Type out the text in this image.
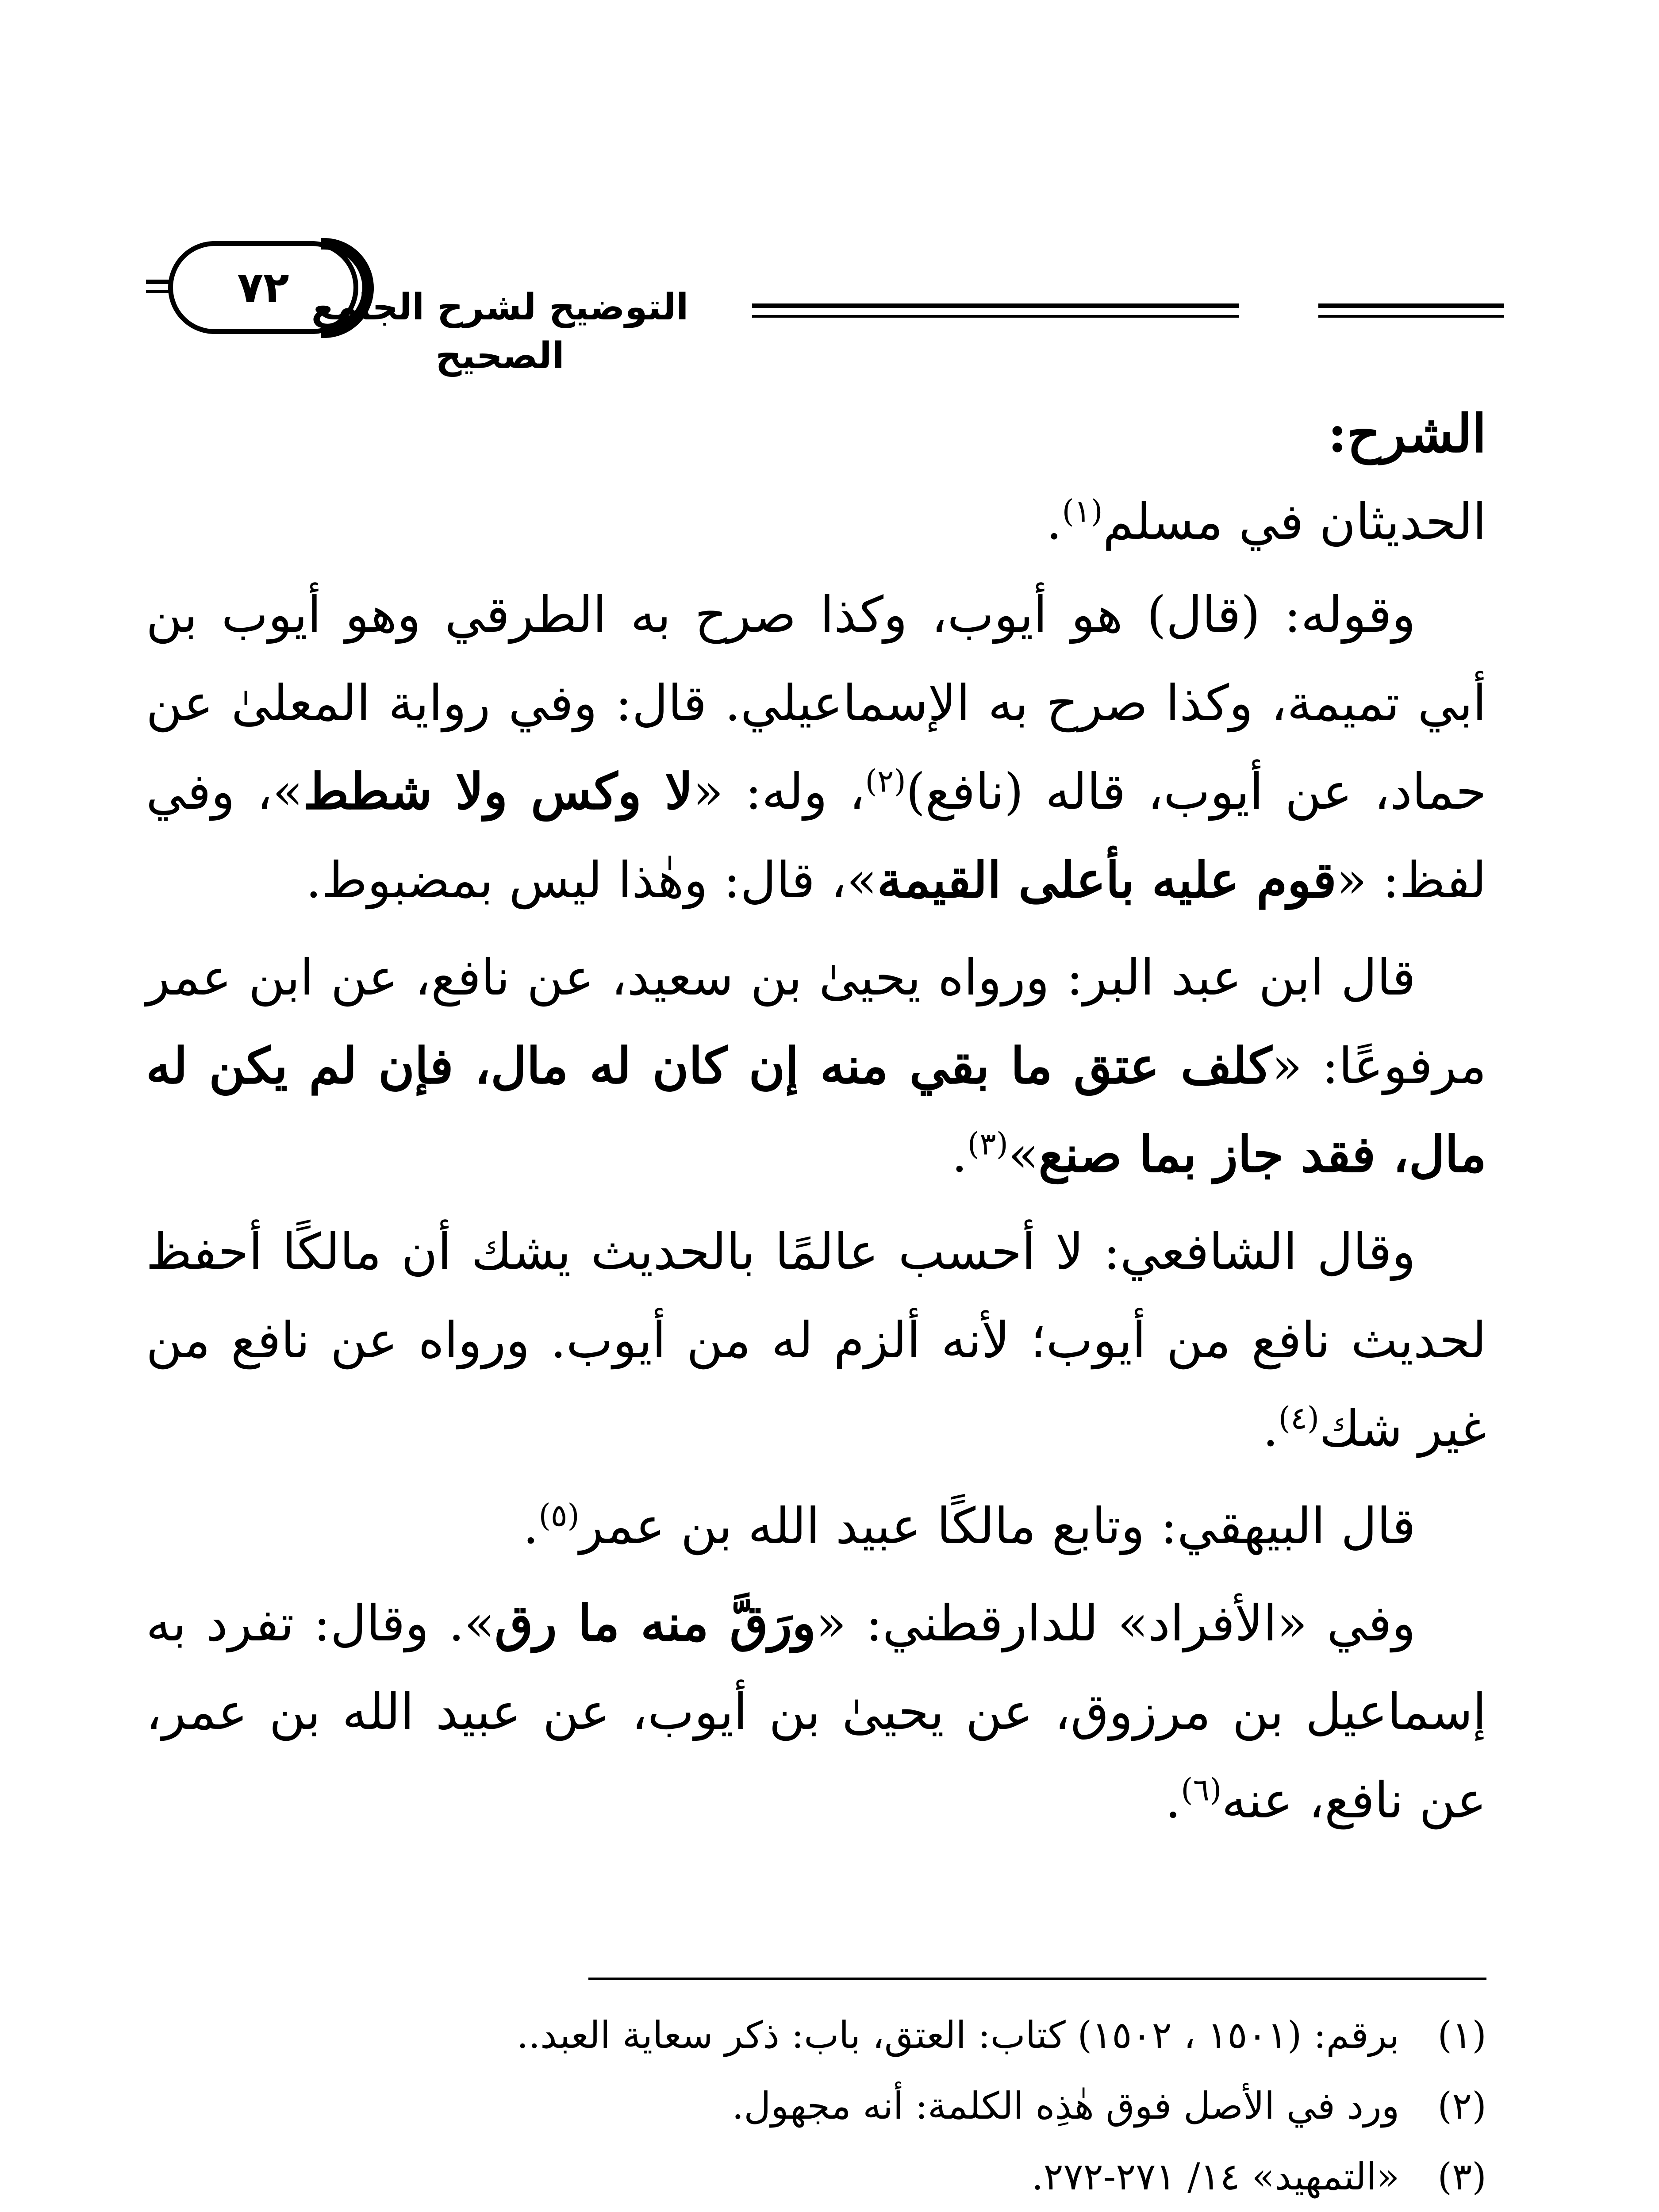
٧٢ التوضيح لشرح الجامع الصحيح
الشرح:

الحديثان في مسلم$^{(١)}$.

وقوله: (قال) هو أيوب، وكذا صرح به الطرقي وهو أيوب بن أبي تميمة، وكذا صرح به الإسماعيلي. قال: وفي رواية المعلىٰ عن حماد، عن أيوب، قاله (نافع)$^{(٢)}$، وله: «لا وكس ولا شطط»، وفي لفظ: «قوم عليه بأعلى القيمة»، قال: وهٰذا ليس بمضبوط.

قال ابن عبد البر: ورواه يحيىٰ بن سعيد، عن نافع، عن ابن عمر مرفوعًا: «كلف عتق ما بقي منه إن كان له مال، فإن لم يكن له مال، فقد جاز بما صنع»$^{(٣)}$.

وقال الشافعي: لا أحسب عالمًا بالحديث يشك أن مالكًا أحفظ لحديث نافع من أيوب؛ لأنه ألزم له من أيوب. ورواه عن نافع من غير شك$^{(٤)}$.

قال البيهقي: وتابع مالكًا عبيد الله بن عمر$^{(٥)}$.

وفي «الأفراد» للدارقطني: «ورَقَّ منه ما رق». وقال: تفرد به إسماعيل بن مرزوق، عن يحيىٰ بن أيوب، عن عبيد الله بن عمر، عن نافع، عنه$^{(٦)}$.

(١) برقم: (١٥٠١ ، ١٥٠٢) كتاب: العتق، باب: ذكر سعاية العبد..

(٢) ورد في الأصل فوق هٰذِه الكلمة: أنه مجهول.

(٣) «التمهيد» ١٤/ ٢٧١-٢٧٢.
